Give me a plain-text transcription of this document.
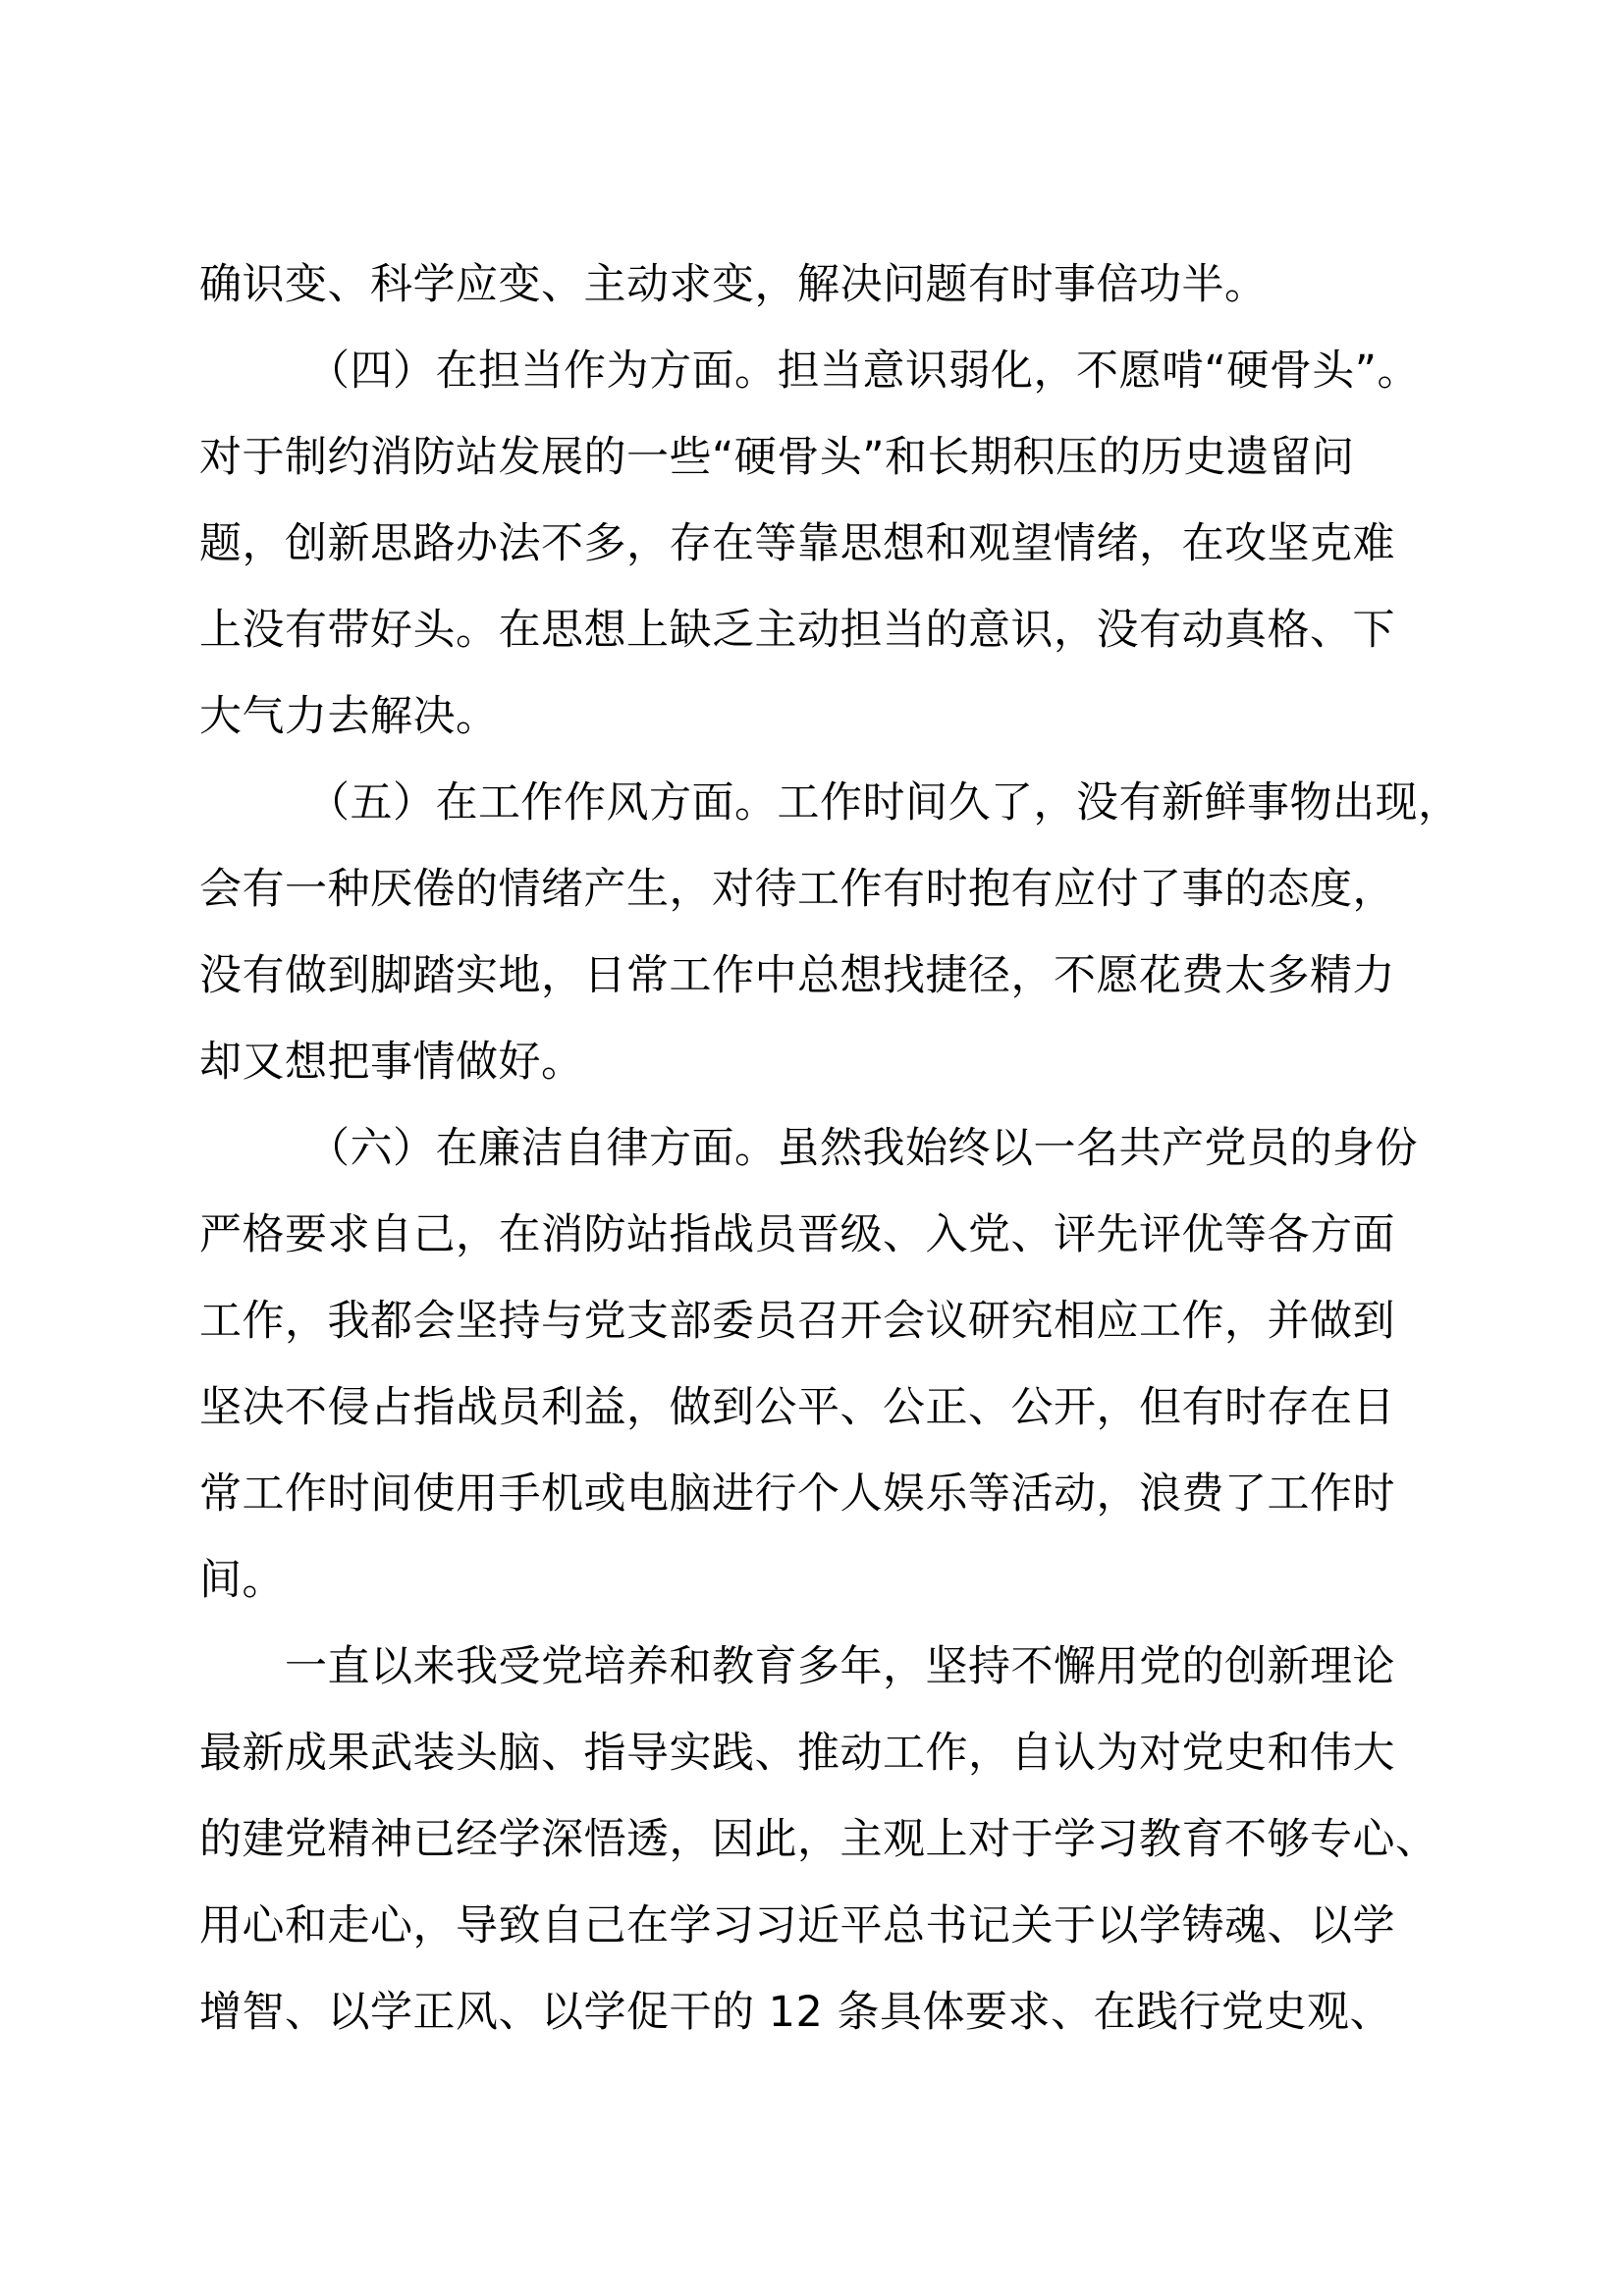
确识变、科学应变、主动求变，解决问题有时事倍功半。

（四）在担当作为方面。担当意识弱化，不愿啃“硬骨头”。

对于制约消防站发展的一些“硬骨头”和长期积压的历史遗留问

题，创新思路办法不多，存在等靠思想和观望情绪，在攻坚克难

上没有带好头。在思想上缺乏主动担当的意识，没有动真格、下

大气力去解决。

（五）在工作作风方面。工作时间久了，没有新鲜事物出现，

会有一种厌倦的情绪产生，对待工作有时抱有应付了事的态度，

没有做到脚踏实地，日常工作中总想找捷径，不愿花费太多精力

却又想把事情做好。

（六）在廉洁自律方面。虽然我始终以一名共产党员的身份

严格要求自己，在消防站指战员晋级、入党、评先评优等各方面

工作，我都会坚持与党支部委员召开会议研究相应工作，并做到

坚决不侵占指战员利益，做到公平、公正、公开，但有时存在日

常工作时间使用手机或电脑进行个人娱乐等活动，浪费了工作时

间。

一直以来我受党培养和教育多年，坚持不懈用党的创新理论

最新成果武装头脑、指导实践、推动工作，自认为对党史和伟大

的建党精神已经学深悟透，因此，主观上对于学习教育不够专心、

用心和走心，导致自己在学习习近平总书记关于以学铸魂、以学

增智、以学正风、以学促干的 12 条具体要求、在践行党史观、
